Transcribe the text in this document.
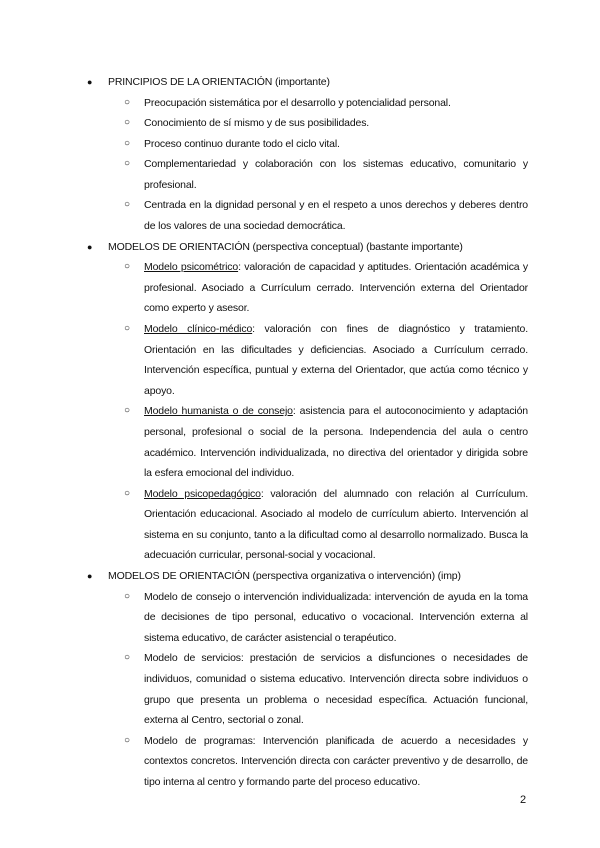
● PRINCIPIOS DE LA ORIENTACIÓN (importante)
○ Preocupación sistemática por el desarrollo y potencialidad personal.
○ Conocimiento de sí mismo y de sus posibilidades.
○ Proceso continuo durante todo el ciclo vital.
○ Complementariedad y colaboración con los sistemas educativo, comunitario y profesional.
○ Centrada en la dignidad personal y en el respeto a unos derechos y deberes dentro de los valores de una sociedad democrática.
● MODELOS DE ORIENTACIÓN (perspectiva conceptual) (bastante importante)
○ Modelo psicométrico: valoración de capacidad y aptitudes. Orientación académica y profesional. Asociado a Currículum cerrado. Intervención externa del Orientador como experto y asesor.
○ Modelo clínico-médico: valoración con fines de diagnóstico y tratamiento. Orientación en las dificultades y deficiencias. Asociado a Currículum cerrado. Intervención específica, puntual y externa del Orientador, que actúa como técnico y apoyo.
○ Modelo humanista o de consejo: asistencia para el autoconocimiento y adaptación personal, profesional o social de la persona. Independencia del aula o centro académico. Intervención individualizada, no directiva del orientador y dirigida sobre la esfera emocional del individuo.
○ Modelo psicopedagógico: valoración del alumnado con relación al Currículum. Orientación educacional. Asociado al modelo de currículum abierto. Intervención al sistema en su conjunto, tanto a la dificultad como al desarrollo normalizado. Busca la adecuación curricular, personal-social y vocacional.
● MODELOS DE ORIENTACIÓN (perspectiva organizativa o intervención) (imp)
○ Modelo de consejo o intervención individualizada: intervención de ayuda en la toma de decisiones de tipo personal, educativo o vocacional. Intervención externa al sistema educativo, de carácter asistencial o terapéutico.
○ Modelo de servicios: prestación de servicios a disfunciones o necesidades de individuos, comunidad o sistema educativo. Intervención directa sobre individuos o grupo que presenta un problema o necesidad específica. Actuación funcional, externa al Centro, sectorial o zonal.
○ Modelo de programas: Intervención planificada de acuerdo a necesidades y contextos concretos. Intervención directa con carácter preventivo y de desarrollo, de tipo interna al centro y formando parte del proceso educativo.
2
